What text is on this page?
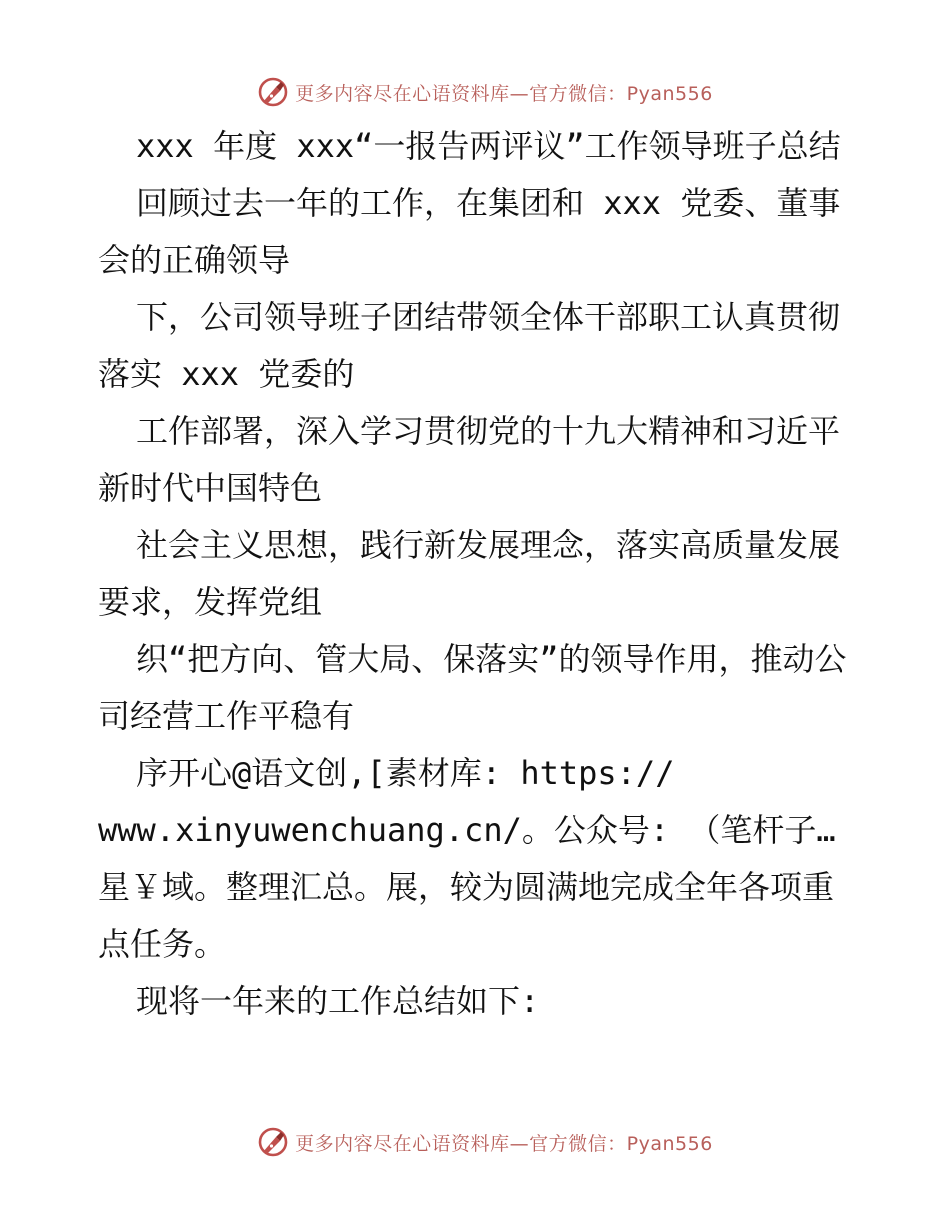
更多内容尽在心语资料库—官方微信：Pyan556

xxx 年度 xxx“一报告两评议”工作领导班子总结

回顾过去一年的工作，在集团和 xxx 党委、董事会的正确领导

下，公司领导班子团结带领全体干部职工认真贯彻落实 xxx 党委的

工作部署，深入学习贯彻党的十九大精神和习近平新时代中国特色

社会主义思想，践行新发展理念，落实高质量发展要求，发挥党组

织“把方向、管大局、保落实”的领导作用，推动公司经营工作平稳有

序开心@语文创,[素材库: https://

www.xinyuwenchuang.cn/。公众号: （笔杆子…星￥域。整理汇总。展，较为圆满地完成全年各项重点任务。

现将一年来的工作总结如下:

更多内容尽在心语资料库—官方微信：Pyan556
